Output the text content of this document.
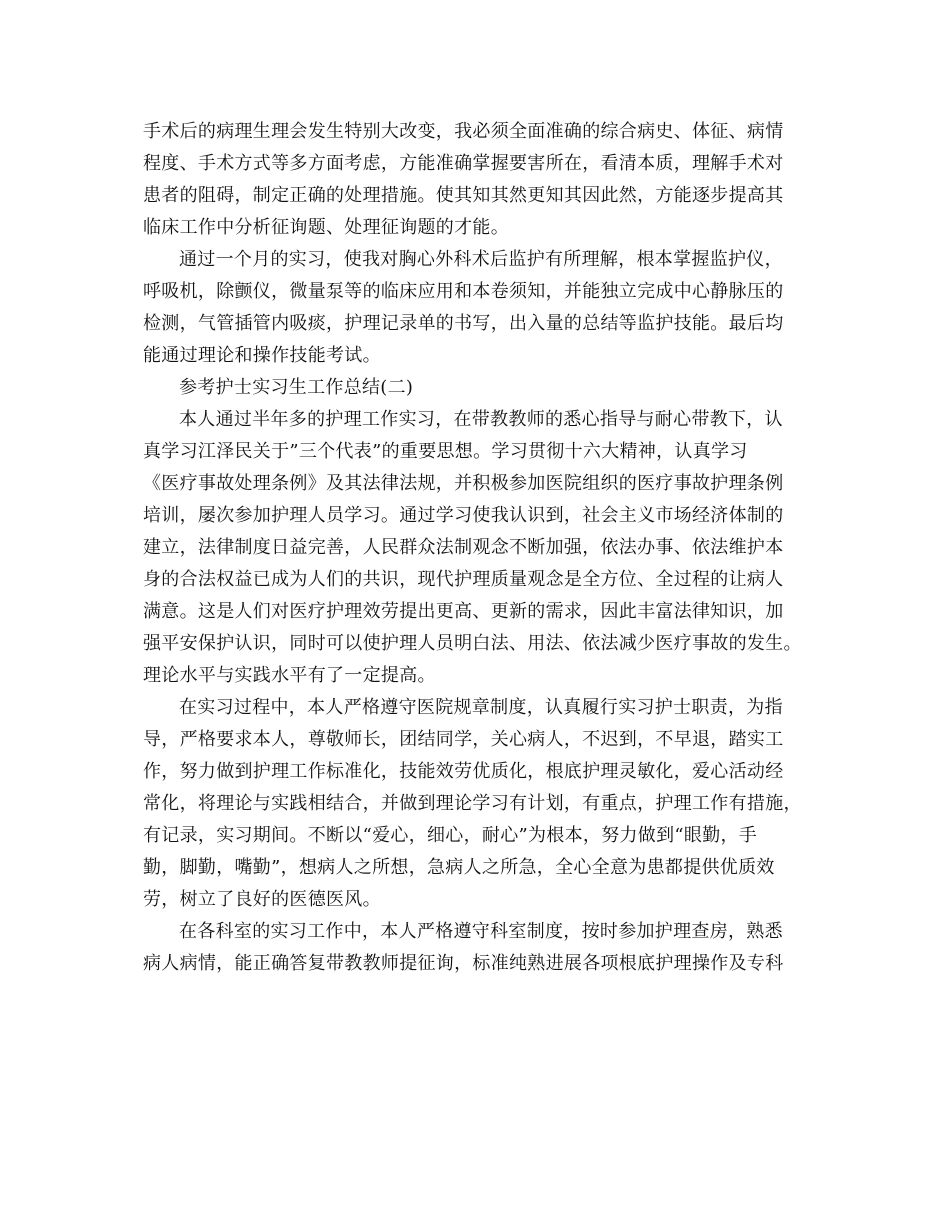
手术后的病理生理会发生特别大改变，我必须全面准确的综合病史、体征、病情
程度、手术方式等多方面考虑，方能准确掌握要害所在，看清本质，理解手术对
患者的阻碍，制定正确的处理措施。使其知其然更知其因此然，方能逐步提高其
临床工作中分析征询题、处理征询题的才能。
通过一个月的实习，使我对胸心外科术后监护有所理解，根本掌握监护仪，
呼吸机，除颤仪，微量泵等的临床应用和本卷须知，并能独立完成中心静脉压的
检测，气管插管内吸痰，护理记录单的书写，出入量的总结等监护技能。最后均
能通过理论和操作技能考试。
参考护士实习生工作总结(二)
本人通过半年多的护理工作实习，在带教教师的悉心指导与耐心带教下，认
真学习江泽民关于”三个代表”的重要思想。学习贯彻十六大精神，认真学习
《医疗事故处理条例》及其法律法规，并积极参加医院组织的医疗事故护理条例
培训，屡次参加护理人员学习。通过学习使我认识到，社会主义市场经济体制的
建立，法律制度日益完善，人民群众法制观念不断加强，依法办事、依法维护本
身的合法权益已成为人们的共识，现代护理质量观念是全方位、全过程的让病人
满意。这是人们对医疗护理效劳提出更高、更新的需求，因此丰富法律知识，加
强平安保护认识，同时可以使护理人员明白法、用法、依法减少医疗事故的发生。
理论水平与实践水平有了一定提高。
在实习过程中，本人严格遵守医院规章制度，认真履行实习护士职责，为指
导，严格要求本人，尊敬师长，团结同学，关心病人，不迟到，不早退，踏实工
作，努力做到护理工作标准化，技能效劳优质化，根底护理灵敏化，爱心活动经
常化，将理论与实践相结合，并做到理论学习有计划，有重点，护理工作有措施，
有记录，实习期间。不断以“爱心，细心，耐心”为根本，努力做到“眼勤，手
勤，脚勤，嘴勤”，想病人之所想，急病人之所急，全心全意为患都提供优质效
劳，树立了良好的医德医风。
在各科室的实习工作中，本人严格遵守科室制度，按时参加护理查房，熟悉
病人病情，能正确答复带教教师提征询，标准纯熟进展各项根底护理操作及专科
